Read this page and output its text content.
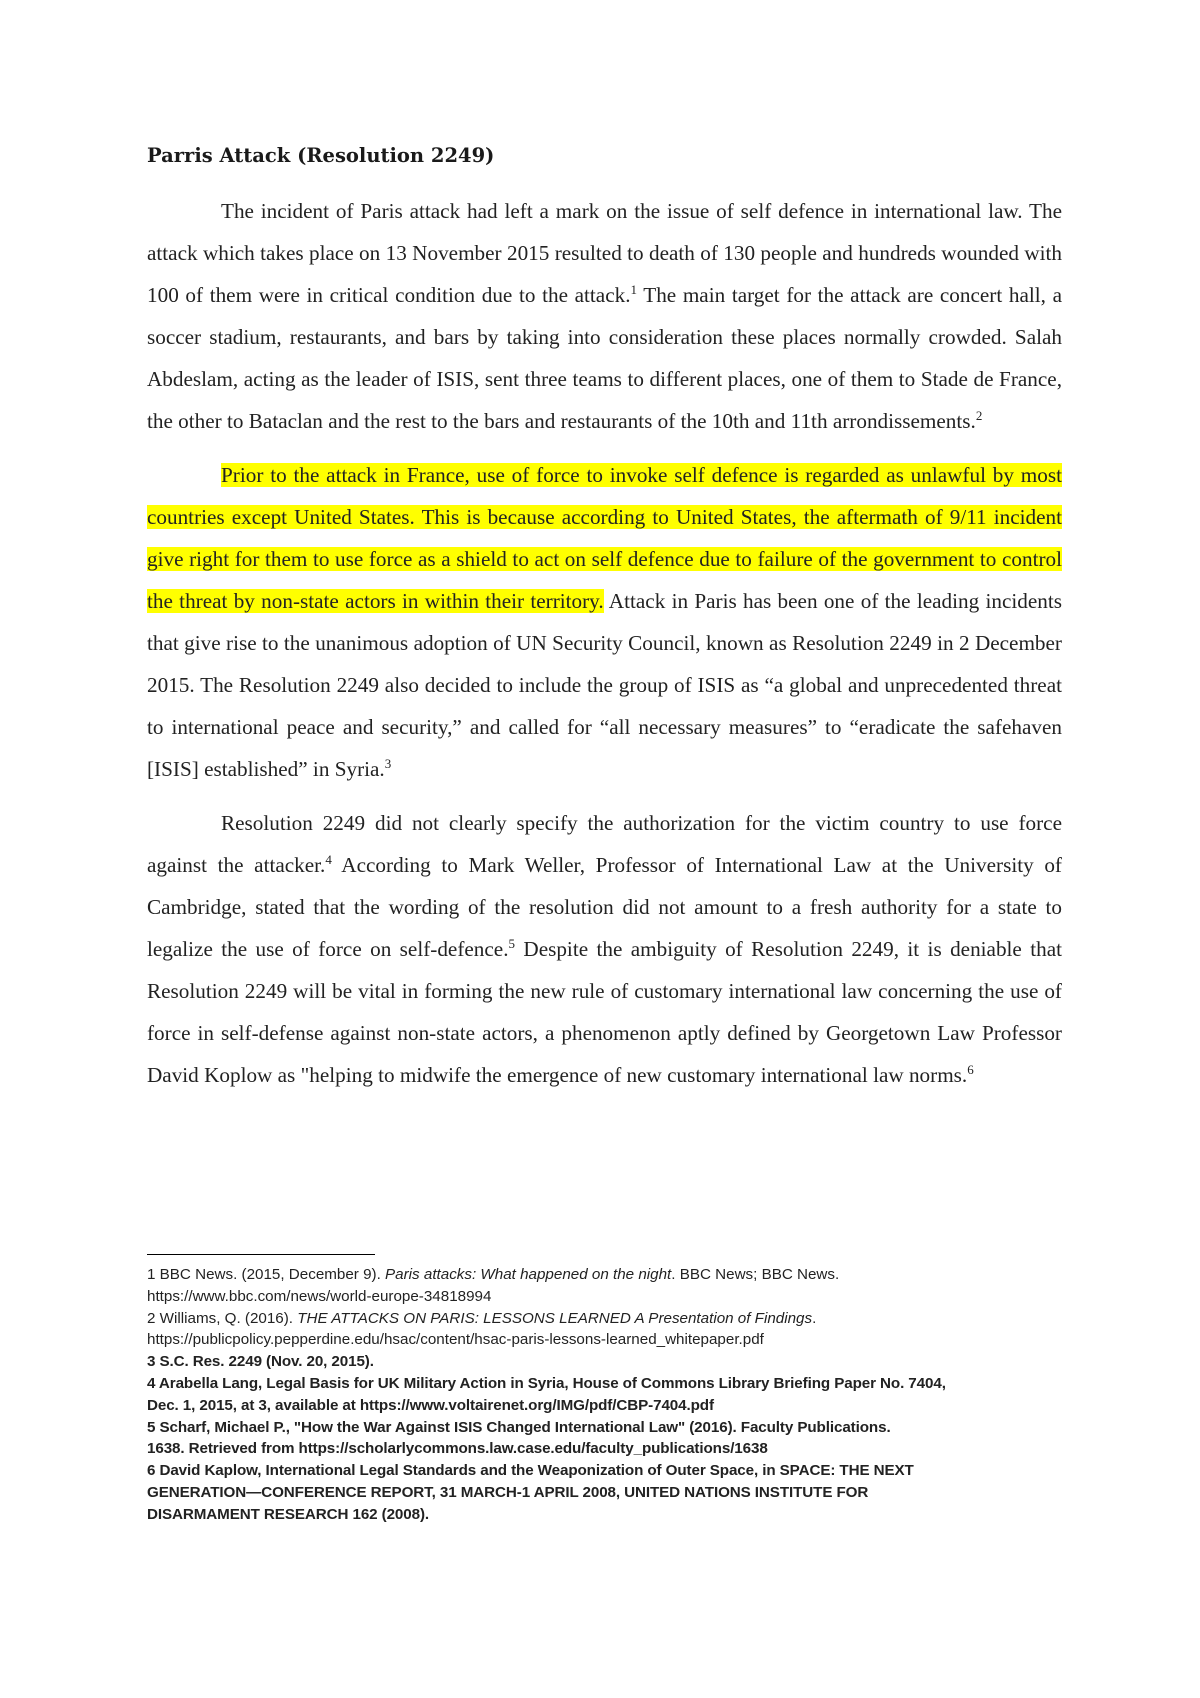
Parris Attack (Resolution 2249)

The incident of Paris attack had left a mark on the issue of self defence in international law. The attack which takes place on 13 November 2015 resulted to death of 130 people and hundreds wounded with 100 of them were in critical condition due to the attack.$^1$ The main target for the attack are concert hall, a soccer stadium, restaurants, and bars by taking into consideration these places normally crowded. Salah Abdeslam, acting as the leader of ISIS, sent three teams to different places, one of them to Stade de France, the other to Bataclan and the rest to the bars and restaurants of the 10th and 11th arrondissements.$^2$

Prior to the attack in France, use of force to invoke self defence is regarded as unlawful by most countries except United States. This is because according to United States, the aftermath of 9/11 incident give right for them to use force as a shield to act on self defence due to failure of the government to control the threat by non-state actors in within their territory. Attack in Paris has been one of the leading incidents that give rise to the unanimous adoption of UN Security Council, known as Resolution 2249 in 2 December 2015. The Resolution 2249 also decided to include the group of ISIS as “a global and unprecedented threat to international peace and security,” and called for “all necessary measures” to “eradicate the safehaven [ISIS] established” in Syria.$^3$

Resolution 2249 did not clearly specify the authorization for the victim country to use force against the attacker.$^4$ According to Mark Weller, Professor of International Law at the University of Cambridge, stated that the wording of the resolution did not amount to a fresh authority for a state to legalize the use of force on self-defence.$^5$ Despite the ambiguity of Resolution 2249, it is deniable that Resolution 2249 will be vital in forming the new rule of customary international law concerning the use of force in self-defense against non-state actors, a phenomenon aptly defined by Georgetown Law Professor David Koplow as "helping to midwife the emergence of new customary international law norms.$^6$

1 BBC News. (2015, December 9). Paris attacks: What happened on the night. BBC News; BBC News.

https://www.bbc.com/news/world-europe-34818994

2 Williams, Q. (2016). THE ATTACKS ON PARIS: LESSONS LEARNED A Presentation of Findings.

https://publicpolicy.pepperdine.edu/hsac/content/hsac-paris-lessons-learned_whitepaper.pdf

3 S.C. Res. 2249 (Nov. 20, 2015).

4 Arabella Lang, Legal Basis for UK Military Action in Syria, House of Commons Library Briefing Paper No. 7404,

Dec. 1, 2015, at 3, available at https://www.voltairenet.org/IMG/pdf/CBP-7404.pdf

5 Scharf, Michael P., "How the War Against ISIS Changed International Law" (2016). Faculty Publications.

1638. Retrieved from https://scholarlycommons.law.case.edu/faculty_publications/1638

6 David Kaplow, International Legal Standards and the Weaponization of Outer Space, in SPACE: THE NEXT

GENERATION—CONFERENCE REPORT, 31 MARCH-1 APRIL 2008, UNITED NATIONS INSTITUTE FOR

DISARMAMENT RESEARCH 162 (2008).
